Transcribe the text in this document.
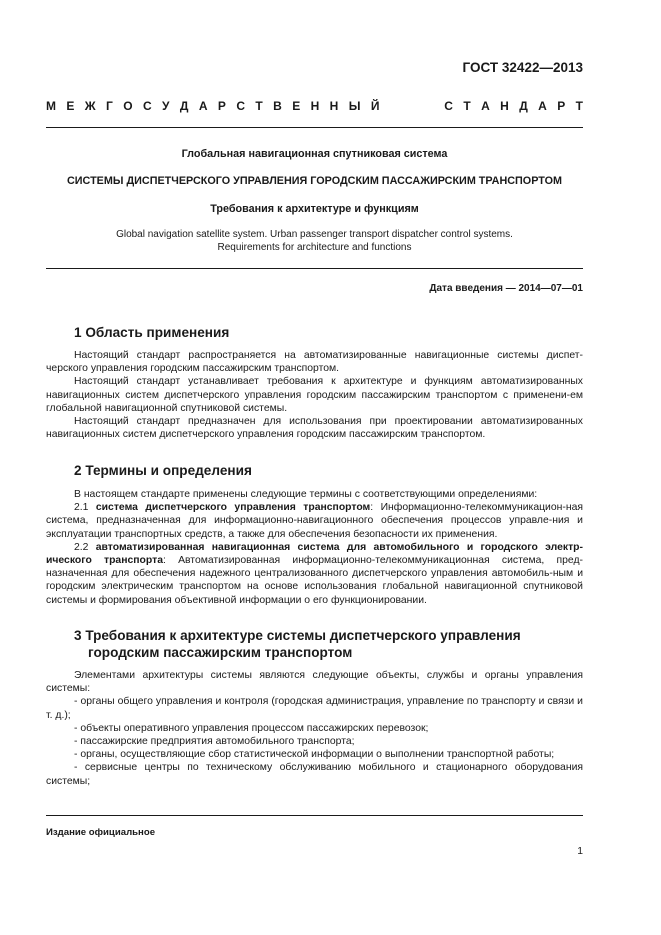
ГОСТ 32422—2013
М Е Ж Г О С У Д А Р С Т В Е Н Н Ы Й	С Т А Н Д А Р Т
Глобальная навигационная спутниковая система
СИСТЕМЫ ДИСПЕТЧЕРСКОГО УПРАВЛЕНИЯ ГОРОДСКИМ ПАССАЖИРСКИМ ТРАНСПОРТОМ
Требования к архитектуре и функциям
Global navigation satellite system. Urban passenger transport dispatcher control systems.
Requirements for architecture and functions
Дата введения — 2014—07—01
1 Область применения

Настоящий стандарт распространяется на автоматизированные навигационные системы диспет-черского управления городским пассажирским транспортом.

Настоящий стандарт устанавливает требования к архитектуре и функциям автоматизированных навигационных систем диспетчерского управления городским пассажирским транспортом с применени-ем глобальной навигационной спутниковой системы.

Настоящий стандарт предназначен для использования при проектировании автоматизированных навигационных систем диспетчерского управления городским пассажирским транспортом.

2 Термины и определения

В настоящем стандарте применены следующие термины с соответствующими определениями:

2.1 система диспетчерского управления транспортом: Информационно-телекоммуникацион-ная система, предназначенная для информационно-навигационного обеспечения процессов управле-ния и эксплуатации транспортных средств, а также для обеспечения безопасности их применения.

2.2 автоматизированная навигационная система для автомобильного и городского электр-ического транспорта: Автоматизированная информационно-телекоммуникационная система, пред-назначенная для обеспечения надежного централизованного диспетчерского управления автомобиль-ным и городским электрическим транспортом на основе использования глобальной навигационной спутниковой системы и формирования объективной информации о его функционировании.

3 Требования к архитектуре системы диспетчерского управления
городским пассажирским транспортом

Элементами архитектуры системы являются следующие объекты, службы и органы управления системы:

- органы общего управления и контроля (городская администрация, управление по транспорту и связи и т. д.);

- объекты оперативного управления процессом пассажирских перевозок;

- пассажирские предприятия автомобильного транспорта;

- органы, осуществляющие сбор статистической информации о выполнении транспортной работы;

- сервисные центры по техническому обслуживанию мобильного и стационарного оборудования системы;

Издание официальное
1
